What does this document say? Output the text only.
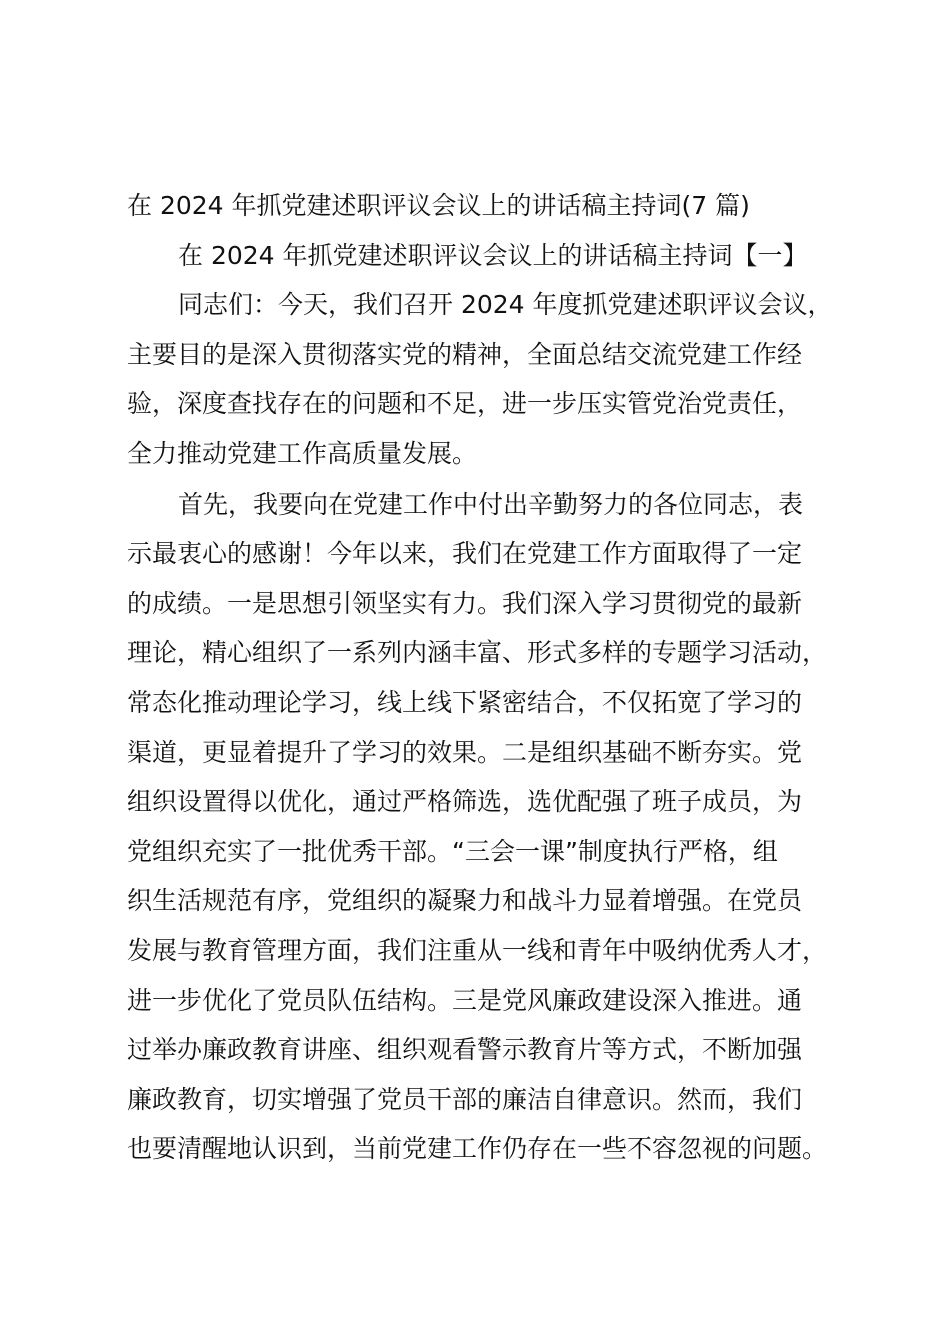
在 2024 年抓党建述职评议会议上的讲话稿主持词(7 篇)
在 2024 年抓党建述职评议会议上的讲话稿主持词【一】
同志们：今天，我们召开 2024 年度抓党建述职评议会议，
主要目的是深入贯彻落实党的精神，全面总结交流党建工作经
验，深度查找存在的问题和不足，进一步压实管党治党责任，
全力推动党建工作高质量发展。
首先，我要向在党建工作中付出辛勤努力的各位同志，表
示最衷心的感谢！今年以来，我们在党建工作方面取得了一定
的成绩。一是思想引领坚实有力。我们深入学习贯彻党的最新
理论，精心组织了一系列内涵丰富、形式多样的专题学习活动，
常态化推动理论学习，线上线下紧密结合，不仅拓宽了学习的
渠道，更显着提升了学习的效果。二是组织基础不断夯实。党
组织设置得以优化，通过严格筛选，选优配强了班子成员，为
党组织充实了一批优秀干部。“三会一课”制度执行严格，组
织生活规范有序，党组织的凝聚力和战斗力显着增强。在党员
发展与教育管理方面，我们注重从一线和青年中吸纳优秀人才，
进一步优化了党员队伍结构。三是党风廉政建设深入推进。通
过举办廉政教育讲座、组织观看警示教育片等方式，不断加强
廉政教育，切实增强了党员干部的廉洁自律意识。然而，我们
也要清醒地认识到，当前党建工作仍存在一些不容忽视的问题。
